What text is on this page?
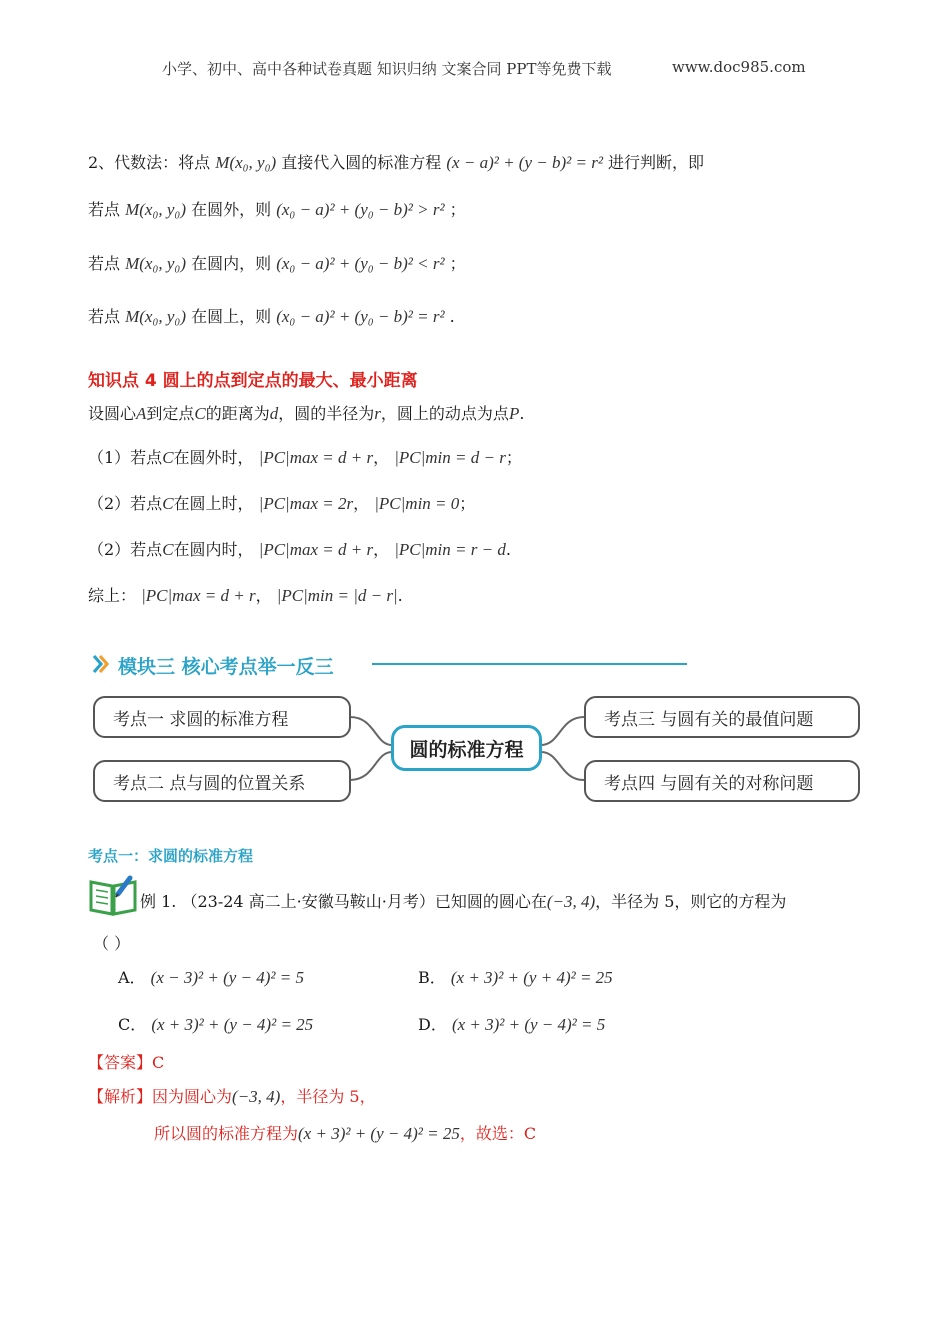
小学、初中、高中各种试卷真题 知识归纳 文案合同 PPT等免费下载	www.doc985.com
2、代数法：将点 M(x₀, y₀) 直接代入圆的标准方程 (x − a)² + (y − b)² = r² 进行判断，即
若点 M(x₀, y₀) 在圆外，则 (x₀ − a)² + (y₀ − b)² > r² ；
若点 M(x₀, y₀) 在圆内，则 (x₀ − a)² + (y₀ − b)² < r² ；
若点 M(x₀, y₀) 在圆上，则 (x₀ − a)² + (y₀ − b)² = r² .
知识点 4 圆上的点到定点的最大、最小距离
设圆心A到定点C的距离为d，圆的半径为r，圆上的动点为点P.
（1）若点C在圆外时， |PC|max = d + r， |PC|min = d − r；
（2）若点C在圆上时， |PC|max = 2r， |PC|min = 0；
（2）若点C在圆内时， |PC|max = d + r， |PC|min = r − d.
综上： |PC|max = d + r， |PC|min = |d − r|.
模块三 核心考点举一反三
考点一 求圆的标准方程
考点二 点与圆的位置关系
考点三 与圆有关的最值问题
考点四 与圆有关的对称问题
圆的标准方程
考点一：求圆的标准方程
例 1. （23-24 高二上·安徽马鞍山·月考）已知圆的圆心在(−3, 4)，半径为 5，则它的方程为
（ ）
A． (x − 3)² + (y − 4)² = 5	B． (x + 3)² + (y + 4)² = 25
C． (x + 3)² + (y − 4)² = 25	D． (x + 3)² + (y − 4)² = 5
【答案】C
【解析】因为圆心为(−3, 4)，半径为 5，
所以圆的标准方程为(x + 3)² + (y − 4)² = 25，故选：C
